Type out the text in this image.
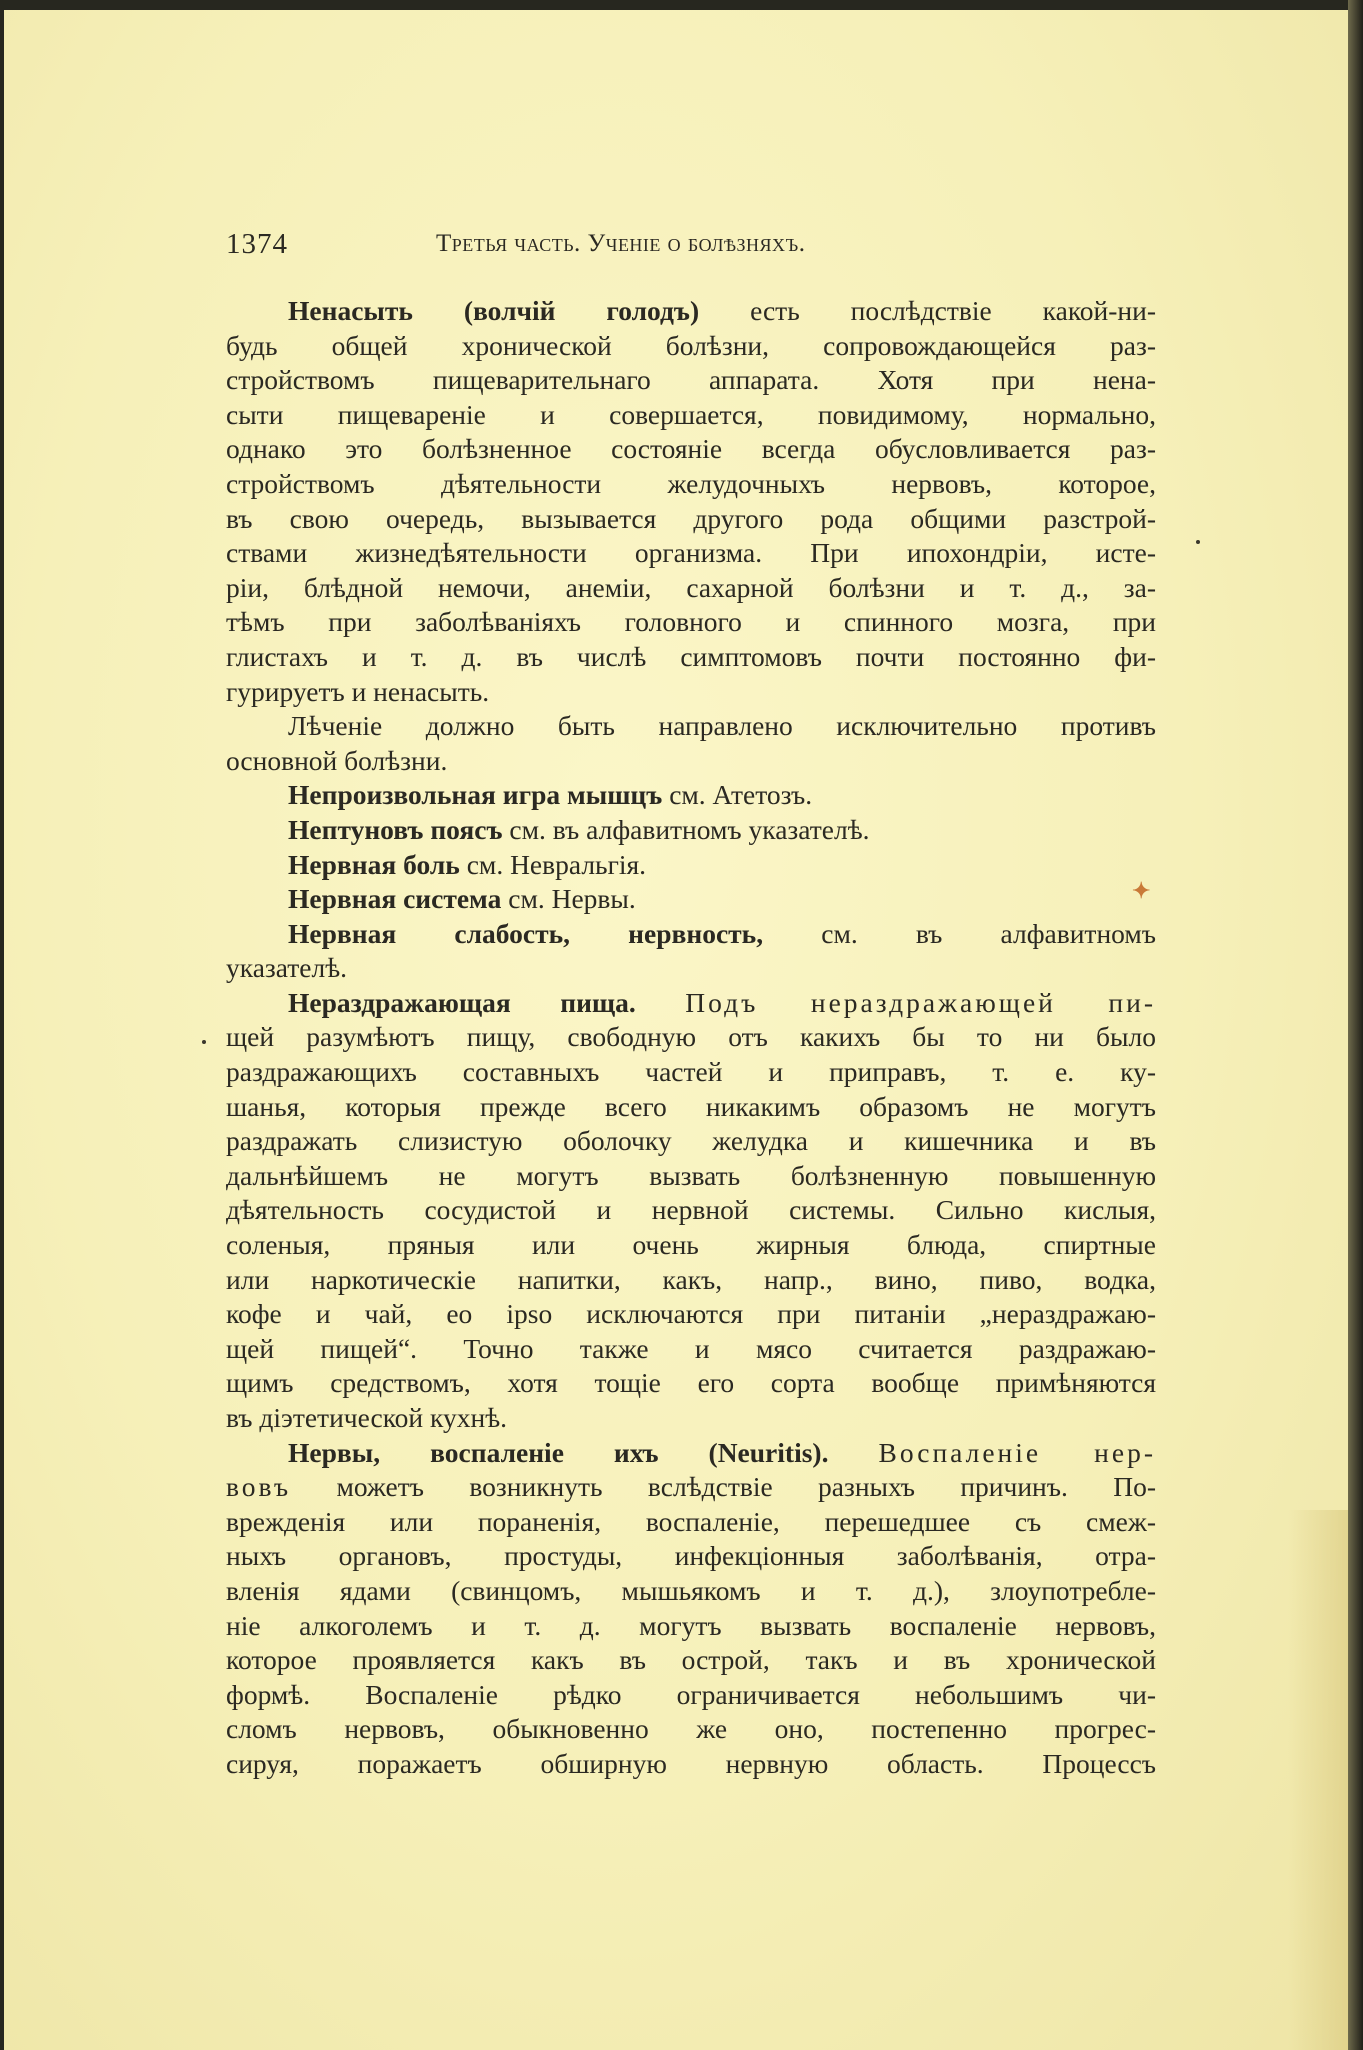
1374	Третья часть. Ученіе о болѣзняхъ.
Ненасыть (волчій голодъ) есть послѣдствіе какой-ни-
будь общей хронической болѣзни, сопровождающейся раз-
стройствомъ пищеварительнаго аппарата. Хотя при нена-
сыти пищевареніе и совершается, повидимому, нормально,
однако это болѣзненное состояніе всегда обусловливается раз-
стройствомъ дѣятельности желудочныхъ нервовъ, которое,
въ свою очередь, вызывается другого рода общими разстрой-
ствами жизнедѣятельности организма. При ипохондріи, исте-
ріи, блѣдной немочи, анеміи, сахарной болѣзни и т. д., за-
тѣмъ при заболѣваніяхъ головного и спинного мозга, при
глистахъ и т. д. въ числѣ симптомовъ почти постоянно фи-
гурируетъ и ненасыть.
Лѣченіе должно быть направлено исключительно противъ
основной болѣзни.
Непроизвольная игра мышцъ см. Атетозъ.
Нептуновъ поясъ см. въ алфавитномъ указателѣ.
Нервная боль см. Невральгія.
Нервная система см. Нервы.
Нервная слабость, нервность, см. въ алфавитномъ
указателѣ.
Нераздражающая пища. Подъ нераздражающей пи-
щей разумѣютъ пищу, свободную отъ какихъ бы то ни было
раздражающихъ составныхъ частей и приправъ, т. е. ку-
шанья, которыя прежде всего никакимъ образомъ не могутъ
раздражать слизистую оболочку желудка и кишечника и въ
дальнѣйшемъ не могутъ вызвать болѣзненную повышенную
дѣятельность сосудистой и нервной системы. Сильно кислыя,
соленыя, пряныя или очень жирныя блюда, спиртные
или наркотическіе напитки, какъ, напр., вино, пиво, водка,
кофе и чай, eo ipso исключаются при питаніи „нераздражаю-
щей пищей“. Точно также и мясо считается раздражаю-
щимъ средствомъ, хотя тощіе его сорта вообще примѣняются
въ діэтетической кухнѣ.
Нервы, воспаленіе ихъ (Neuritis). Воспаленіе нер-
вовъ можетъ возникнуть вслѣдствіе разныхъ причинъ. По-
врежденія или пораненія, воспаленіе, перешедшее съ смеж-
ныхъ органовъ, простуды, инфекціонныя заболѣванія, отра-
вленія ядами (свинцомъ, мышьякомъ и т. д.), злоупотребле-
ніе алкоголемъ и т. д. могутъ вызвать воспаленіе нервовъ,
которое проявляется какъ въ острой, такъ и въ хронической
формѣ. Воспаленіе рѣдко ограничивается небольшимъ чи-
сломъ нервовъ, обыкновенно же оно, постепенно прогрес-
сируя, поражаетъ обширную нервную область. Процессъ
✦
